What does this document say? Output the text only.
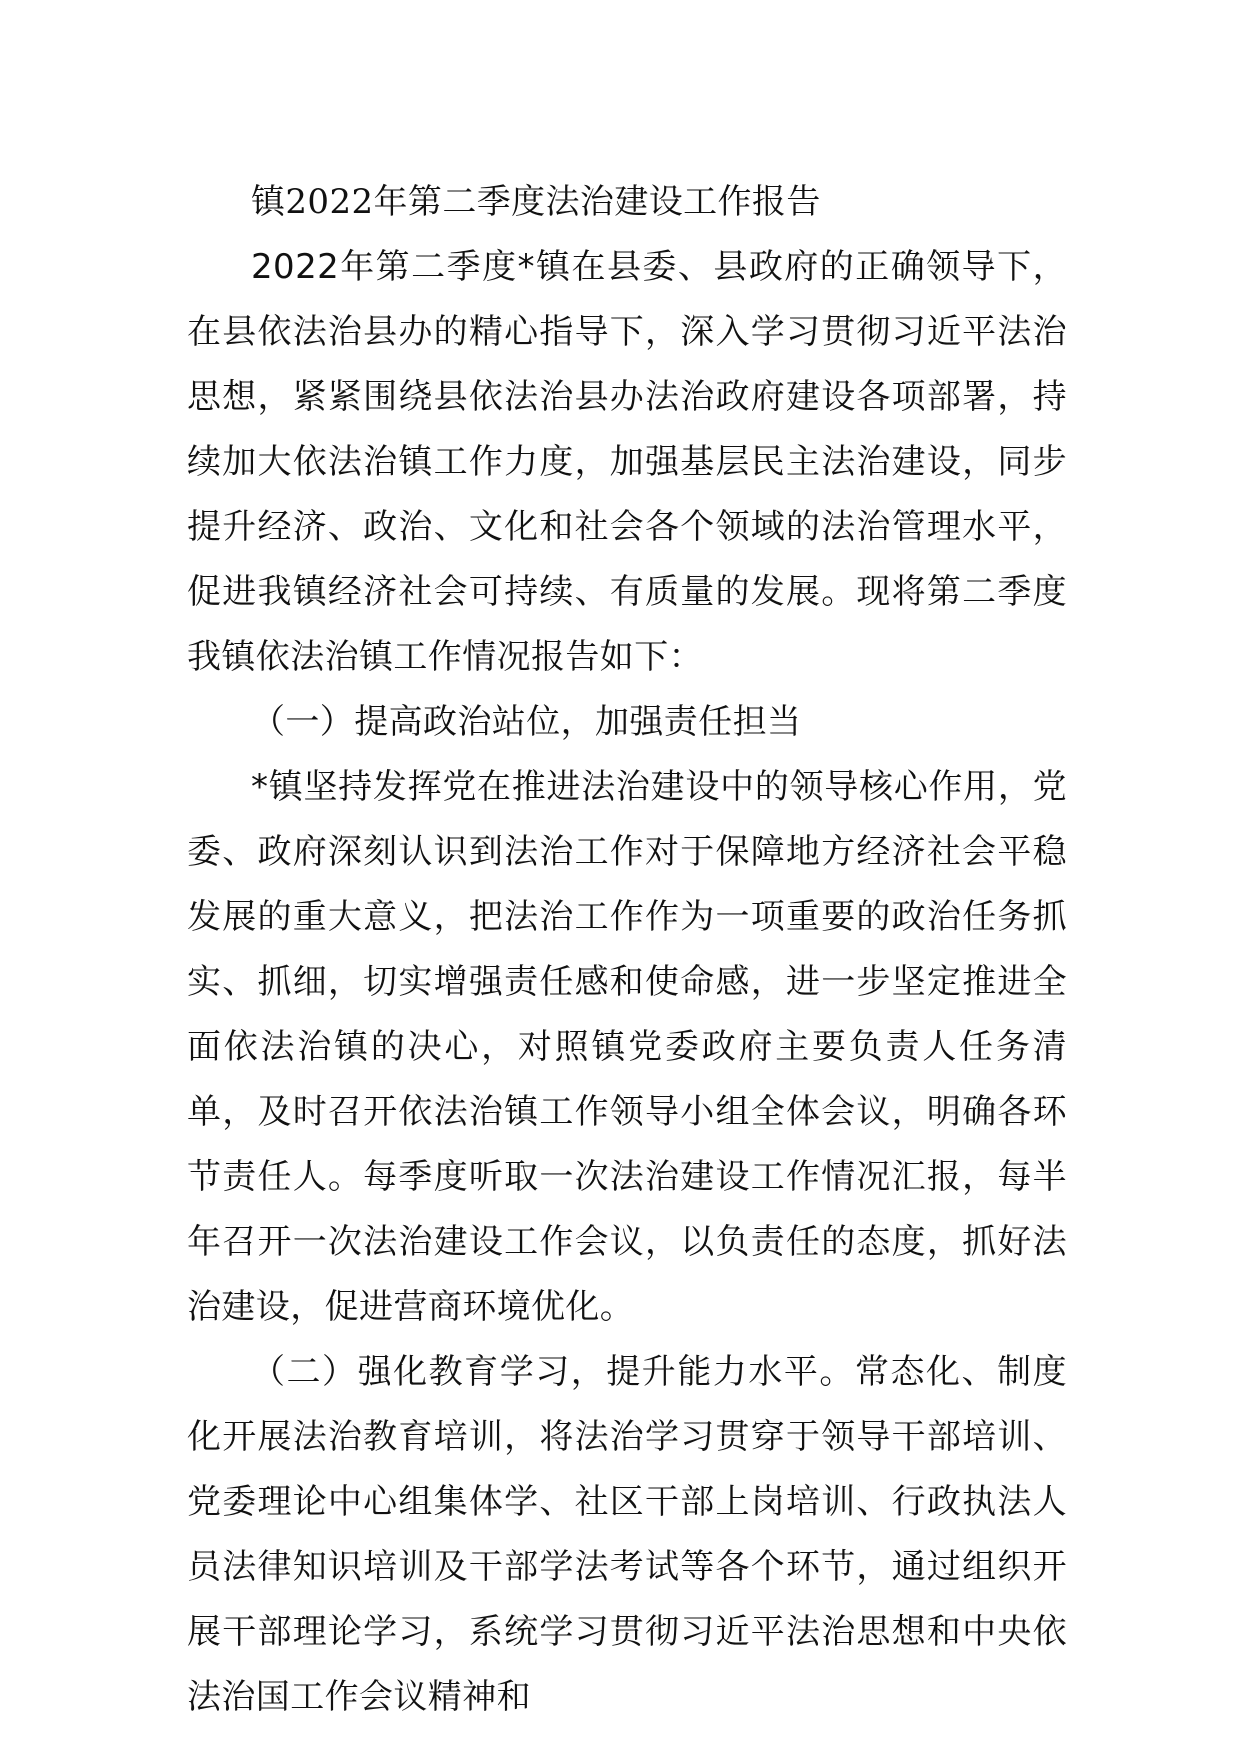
镇2022年第二季度法治建设工作报告

2022年第二季度*镇在县委、县政府的正确领导下，在县依法治县办的精心指导下，深入学习贯彻习近平法治思想，紧紧围绕县依法治县办法治政府建设各项部署，持续加大依法治镇工作力度，加强基层民主法治建设，同步提升经济、政治、文化和社会各个领域的法治管理水平，促进我镇经济社会可持续、有质量的发展。现将第二季度我镇依法治镇工作情况报告如下：

（一）提高政治站位，加强责任担当

*镇坚持发挥党在推进法治建设中的领导核心作用，党委、政府深刻认识到法治工作对于保障地方经济社会平稳发展的重大意义，把法治工作作为一项重要的政治任务抓实、抓细，切实增强责任感和使命感，进一步坚定推进全面依法治镇的决心，对照镇党委政府主要负责人任务清单，及时召开依法治镇工作领导小组全体会议，明确各环节责任人。每季度听取一次法治建设工作情况汇报，每半年召开一次法治建设工作会议，以负责任的态度，抓好法治建设，促进营商环境优化。

（二）强化教育学习，提升能力水平。常态化、制度化开展法治教育培训，将法治学习贯穿于领导干部培训、党委理论中心组集体学、社区干部上岗培训、行政执法人员法律知识培训及干部学法考试等各个环节，通过组织开展干部理论学习，系统学习贯彻习近平法治思想和中央依法治国工作会议精神和
